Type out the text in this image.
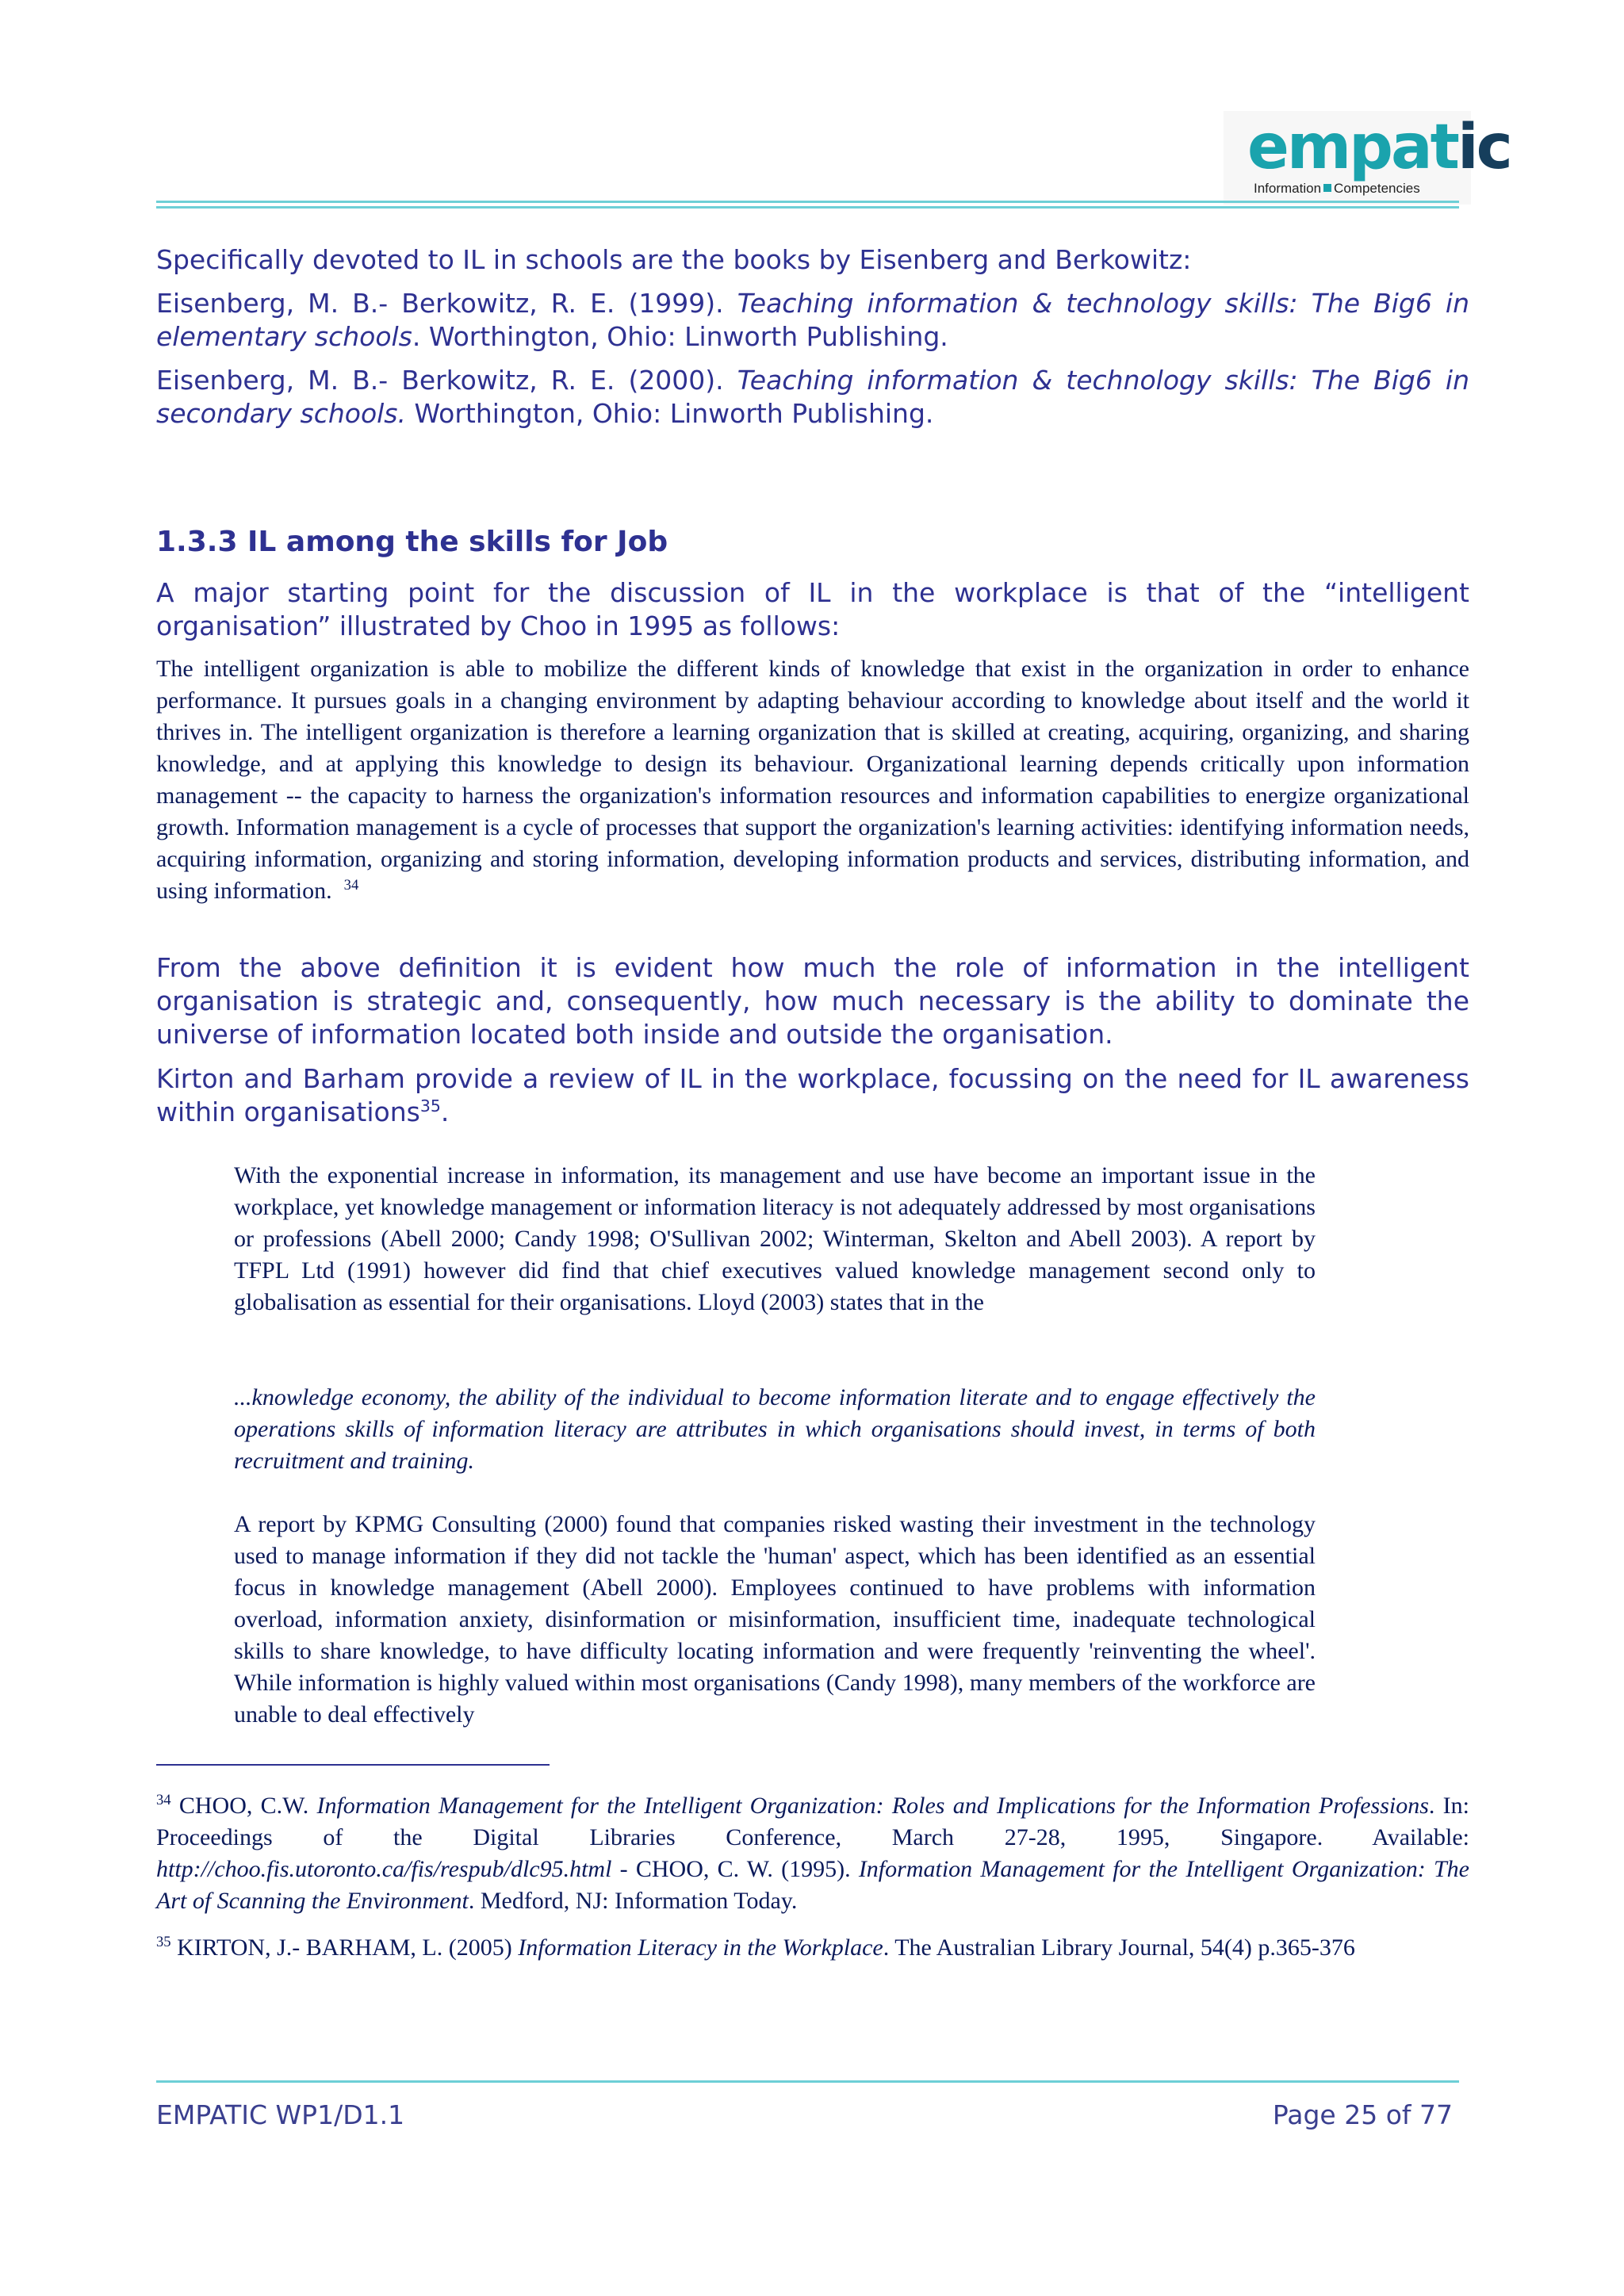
empatic
Information Competencies

Specifically devoted to IL in schools are the books by Eisenberg and Berkowitz:

Eisenberg, M. B.- Berkowitz, R. E. (1999). Teaching information & technology skills: The Big6 in elementary schools. Worthington, Ohio: Linworth Publishing.

Eisenberg, M. B.- Berkowitz, R. E. (2000). Teaching information & technology skills: The Big6 in secondary schools. Worthington, Ohio: Linworth Publishing.

1.3.3 IL among the skills for Job

A major starting point for the discussion of IL in the workplace is that of the “intelligent organisation” illustrated by Choo in 1995 as follows:

The intelligent organization is able to mobilize the different kinds of knowledge that exist in the organization in order to enhance performance. It pursues goals in a changing environment by adapting behaviour according to knowledge about itself and the world it thrives in. The intelligent organization is therefore a learning organization that is skilled at creating, acquiring, organizing, and sharing knowledge, and at applying this knowledge to design its behaviour. Organizational learning depends critically upon information management -- the capacity to harness the organization's information resources and information capabilities to energize organizational growth. Information management is a cycle of processes that support the organization's learning activities: identifying information needs, acquiring information, organizing and storing information, developing information products and services, distributing information, and using information. $^{34}$

From the above definition it is evident how much the role of information in the intelligent organisation is strategic and, consequently, how much necessary is the ability to dominate the universe of information located both inside and outside the organisation.

Kirton and Barham provide a review of IL in the workplace, focussing on the need for IL awareness within organisations$^{35}$.

With the exponential increase in information, its management and use have become an important issue in the workplace, yet knowledge management or information literacy is not adequately addressed by most organisations or professions (Abell 2000; Candy 1998; O'Sullivan 2002; Winterman, Skelton and Abell 2003). A report by TFPL Ltd (1991) however did find that chief executives valued knowledge management second only to globalisation as essential for their organisations. Lloyd (2003) states that in the

...knowledge economy, the ability of the individual to become information literate and to engage effectively the operations skills of information literacy are attributes in which organisations should invest, in terms of both recruitment and training.

A report by KPMG Consulting (2000) found that companies risked wasting their investment in the technology used to manage information if they did not tackle the 'human' aspect, which has been identified as an essential focus in knowledge management (Abell 2000). Employees continued to have problems with information overload, information anxiety, disinformation or misinformation, insufficient time, inadequate technological skills to share knowledge, to have difficulty locating information and were frequently 'reinventing the wheel'. While information is highly valued within most organisations (Candy 1998), many members of the workforce are unable to deal effectively

$^{34}$ CHOO, C.W. Information Management for the Intelligent Organization: Roles and Implications for the Information Professions. In: Proceedings of the Digital Libraries Conference, March 27-28, 1995, Singapore. Available: http://choo.fis.utoronto.ca/fis/respub/dlc95.html - CHOO, C. W. (1995). Information Management for the Intelligent Organization: The Art of Scanning the Environment. Medford, NJ: Information Today.

$^{35}$ KIRTON, J.- BARHAM, L. (2005) Information Literacy in the Workplace. The Australian Library Journal, 54(4) p.365-376

EMPATIC WP1/D1.1	Page 25 of 77
